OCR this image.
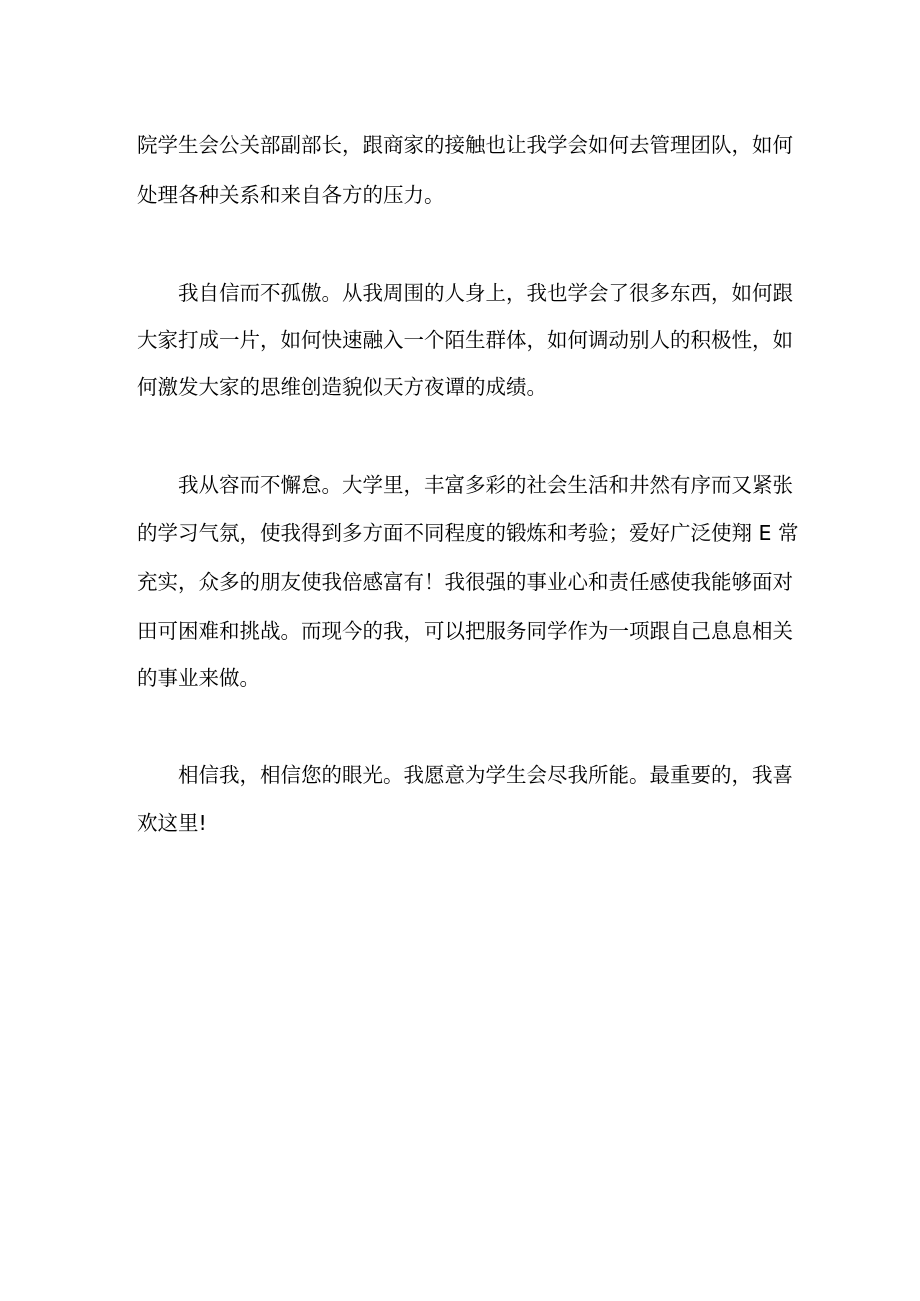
院学生会公关部副部长，跟商家的接触也让我学会如何去管理团队，如何

处理各种关系和来自各方的压力。

我自信而不孤傲。从我周围的人身上，我也学会了很多东西，如何跟

大家打成一片，如何快速融入一个陌生群体，如何调动别人的积极性，如

何激发大家的思维创造貌似天方夜谭的成绩。

我从容而不懈怠。大学里，丰富多彩的社会生活和井然有序而又紧张

的学习气氛，使我得到多方面不同程度的锻炼和考验；爱好广泛使翔 E 常

充实，众多的朋友使我倍感富有！我很强的事业心和责任感使我能够面对

田可困难和挑战。而现今的我，可以把服务同学作为一项跟自己息息相关

的事业来做。

相信我，相信您的眼光。我愿意为学生会尽我所能。最重要的，我喜

欢这里!
